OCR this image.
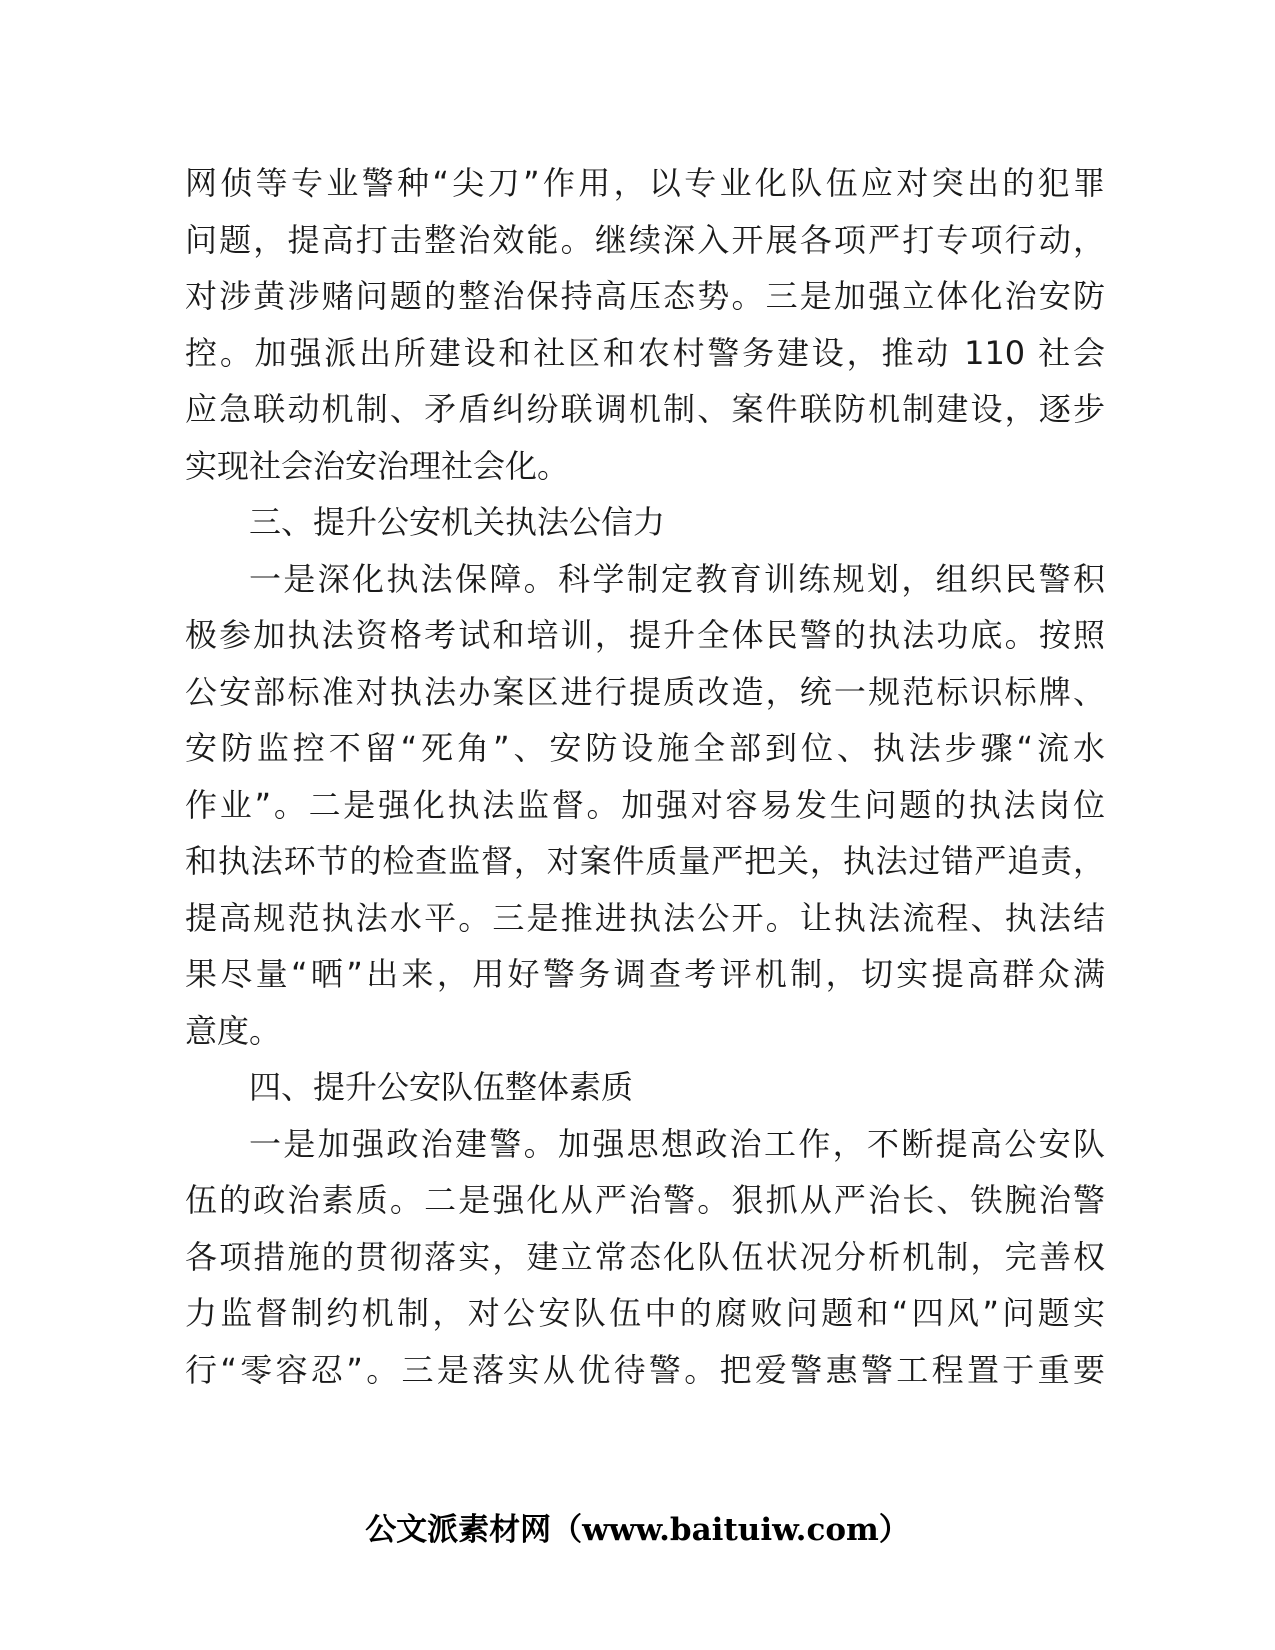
网侦等专业警种“尖刀”作用，以专业化队伍应对突出的犯罪
问题，提高打击整治效能。继续深入开展各项严打专项行动，
对涉黄涉赌问题的整治保持高压态势。三是加强立体化治安防
控。加强派出所建设和社区和农村警务建设，推动 110 社会
应急联动机制、矛盾纠纷联调机制、案件联防机制建设，逐步
实现社会治安治理社会化。
三、提升公安机关执法公信力
一是深化执法保障。科学制定教育训练规划，组织民警积
极参加执法资格考试和培训，提升全体民警的执法功底。按照
公安部标准对执法办案区进行提质改造，统一规范标识标牌、
安防监控不留“死角”、安防设施全部到位、执法步骤“流水
作业”。二是强化执法监督。加强对容易发生问题的执法岗位
和执法环节的检查监督，对案件质量严把关，执法过错严追责，
提高规范执法水平。三是推进执法公开。让执法流程、执法结
果尽量“晒”出来，用好警务调查考评机制，切实提高群众满
意度。
四、提升公安队伍整体素质
一是加强政治建警。加强思想政治工作，不断提高公安队
伍的政治素质。二是强化从严治警。狠抓从严治长、铁腕治警
各项措施的贯彻落实，建立常态化队伍状况分析机制，完善权
力监督制约机制，对公安队伍中的腐败问题和“四风”问题实
行“零容忍”。三是落实从优待警。把爱警惠警工程置于重要
公文派素材网（www.baituiw.com）
